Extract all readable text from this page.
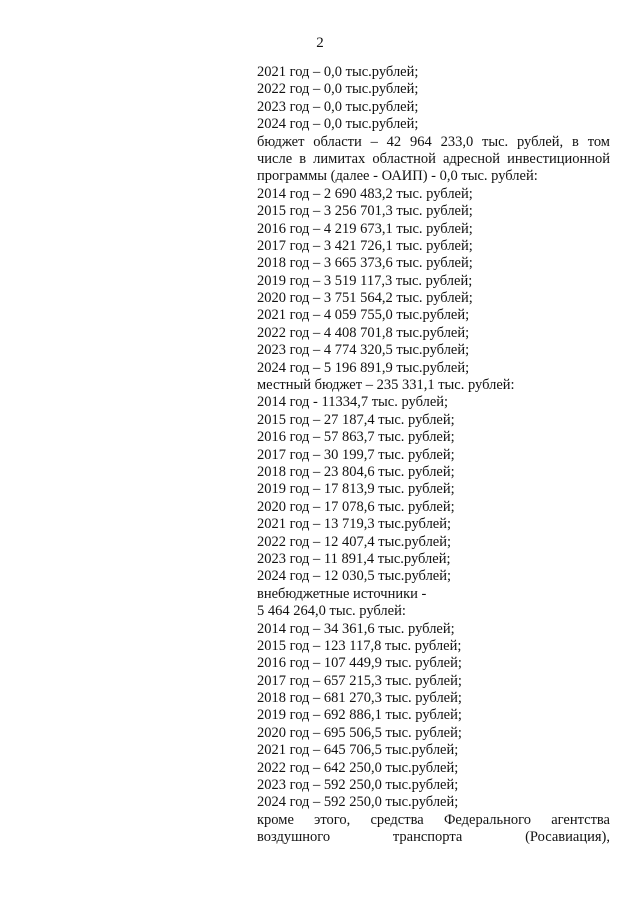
2
2021 год – 0,0 тыс.рублей;
2022 год – 0,0 тыс.рублей;
2023 год – 0,0 тыс.рублей;
2024 год – 0,0 тыс.рублей;
бюджет области – 42 964 233,0 тыс. рублей, в том
числе в лимитах областной адресной инвестиционной
программы (далее - ОАИП) - 0,0 тыс. рублей:
2014 год – 2 690 483,2 тыс. рублей;
2015 год – 3 256 701,3 тыс. рублей;
2016 год – 4 219 673,1 тыс. рублей;
2017 год – 3 421 726,1 тыс. рублей;
2018 год – 3 665 373,6 тыс. рублей;
2019 год – 3 519 117,3 тыс. рублей;
2020 год – 3 751 564,2 тыс. рублей;
2021 год – 4 059 755,0 тыс.рублей;
2022 год – 4 408 701,8 тыс.рублей;
2023 год – 4 774 320,5 тыс.рублей;
2024 год – 5 196 891,9 тыс.рублей;
местный бюджет – 235 331,1 тыс. рублей:
2014 год - 11334,7 тыс. рублей;
2015 год – 27 187,4 тыс. рублей;
2016 год – 57 863,7 тыс. рублей;
2017 год – 30 199,7 тыс. рублей;
2018 год – 23 804,6 тыс. рублей;
2019 год – 17 813,9 тыс. рублей;
2020 год – 17 078,6 тыс. рублей;
2021 год – 13 719,3 тыс.рублей;
2022 год – 12 407,4 тыс.рублей;
2023 год – 11 891,4 тыс.рублей;
2024 год – 12 030,5 тыс.рублей;
внебюджетные источники -
5 464 264,0 тыс. рублей:
2014 год – 34 361,6 тыс. рублей;
2015 год – 123 117,8 тыс. рублей;
2016 год – 107 449,9 тыс. рублей;
2017 год – 657 215,3 тыс. рублей;
2018 год – 681 270,3 тыс. рублей;
2019 год – 692 886,1 тыс. рублей;
2020 год – 695 506,5 тыс. рублей;
2021 год – 645 706,5 тыс.рублей;
2022 год – 642 250,0 тыс.рублей;
2023 год – 592 250,0 тыс.рублей;
2024 год – 592 250,0 тыс.рублей;
кроме этого, средства Федерального агентства
воздушного транспорта (Росавиация),
